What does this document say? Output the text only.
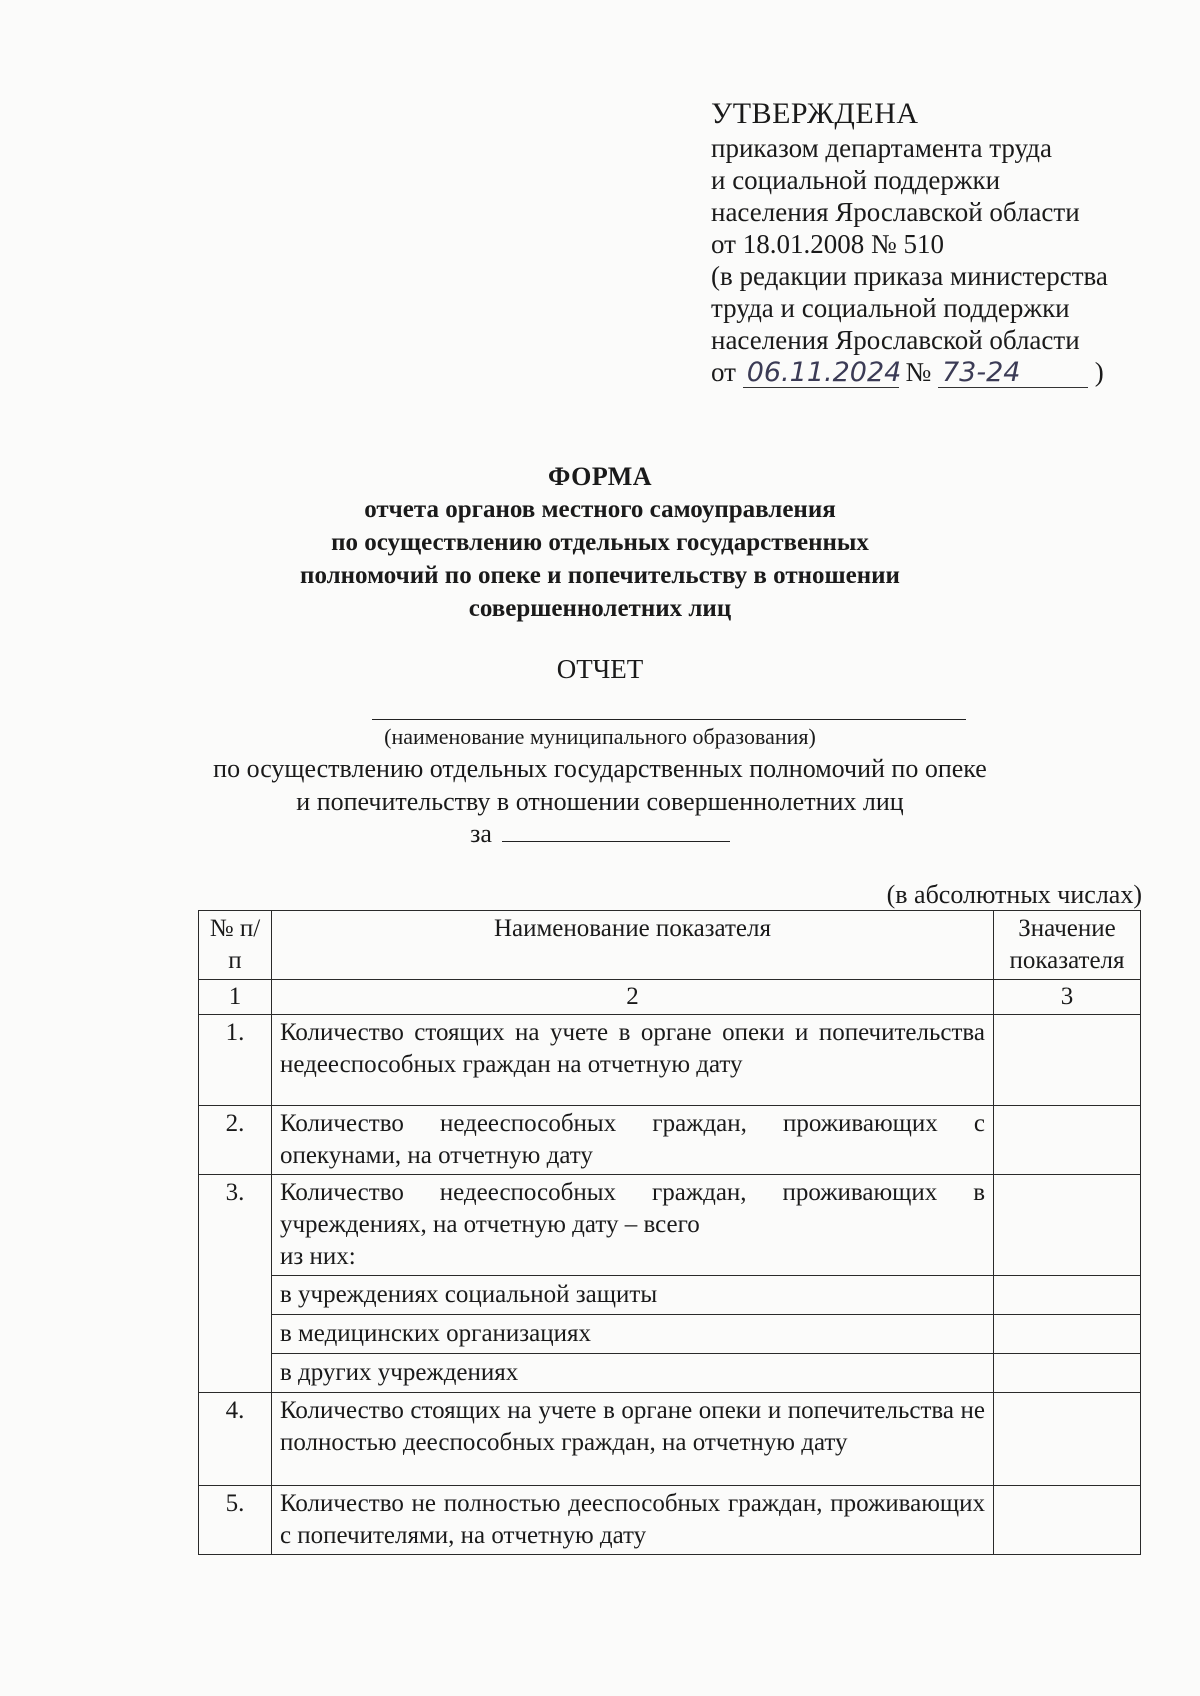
УТВЕРЖДЕНА
приказом департамента труда
и социальной поддержки
населения Ярославской области
от 18.01.2008 № 510
(в редакции приказа министерства
труда и социальной поддержки
населения Ярославской области
от 06.11.2024 № 73-24	)
ФОРМА
отчета органов местного самоуправления
по осуществлению отдельных государственных
полномочий по опеке и попечительству в отношении
совершеннолетних лиц
ОТЧЕТ
(наименование муниципального образования)
по осуществлению отдельных государственных полномочий по опеке
и попечительству в отношении совершеннолетних лиц
за
(в абсолютных числах)
№ п/п	Наименование показателя	Значение показателя
1	2	3
1.	Количество стоящих на учете в органе опеки и попечительства недееспособных граждан на отчетную дату	
2.	Количество недееспособных граждан, проживающих с опекунами, на отчетную дату	
3.	Количество недееспособных граждан, проживающих в учреждениях, на отчетную дату – всего
из них:	

	в учреждениях социальной защиты	
	в медицинских организациях	
	в других учреждениях	
4.	Количество стоящих на учете в органе опеки и попечительства не полностью дееспособных граждан, на отчетную дату	
5.	Количество не полностью дееспособных граждан, проживающих с попечителями, на отчетную дату	
